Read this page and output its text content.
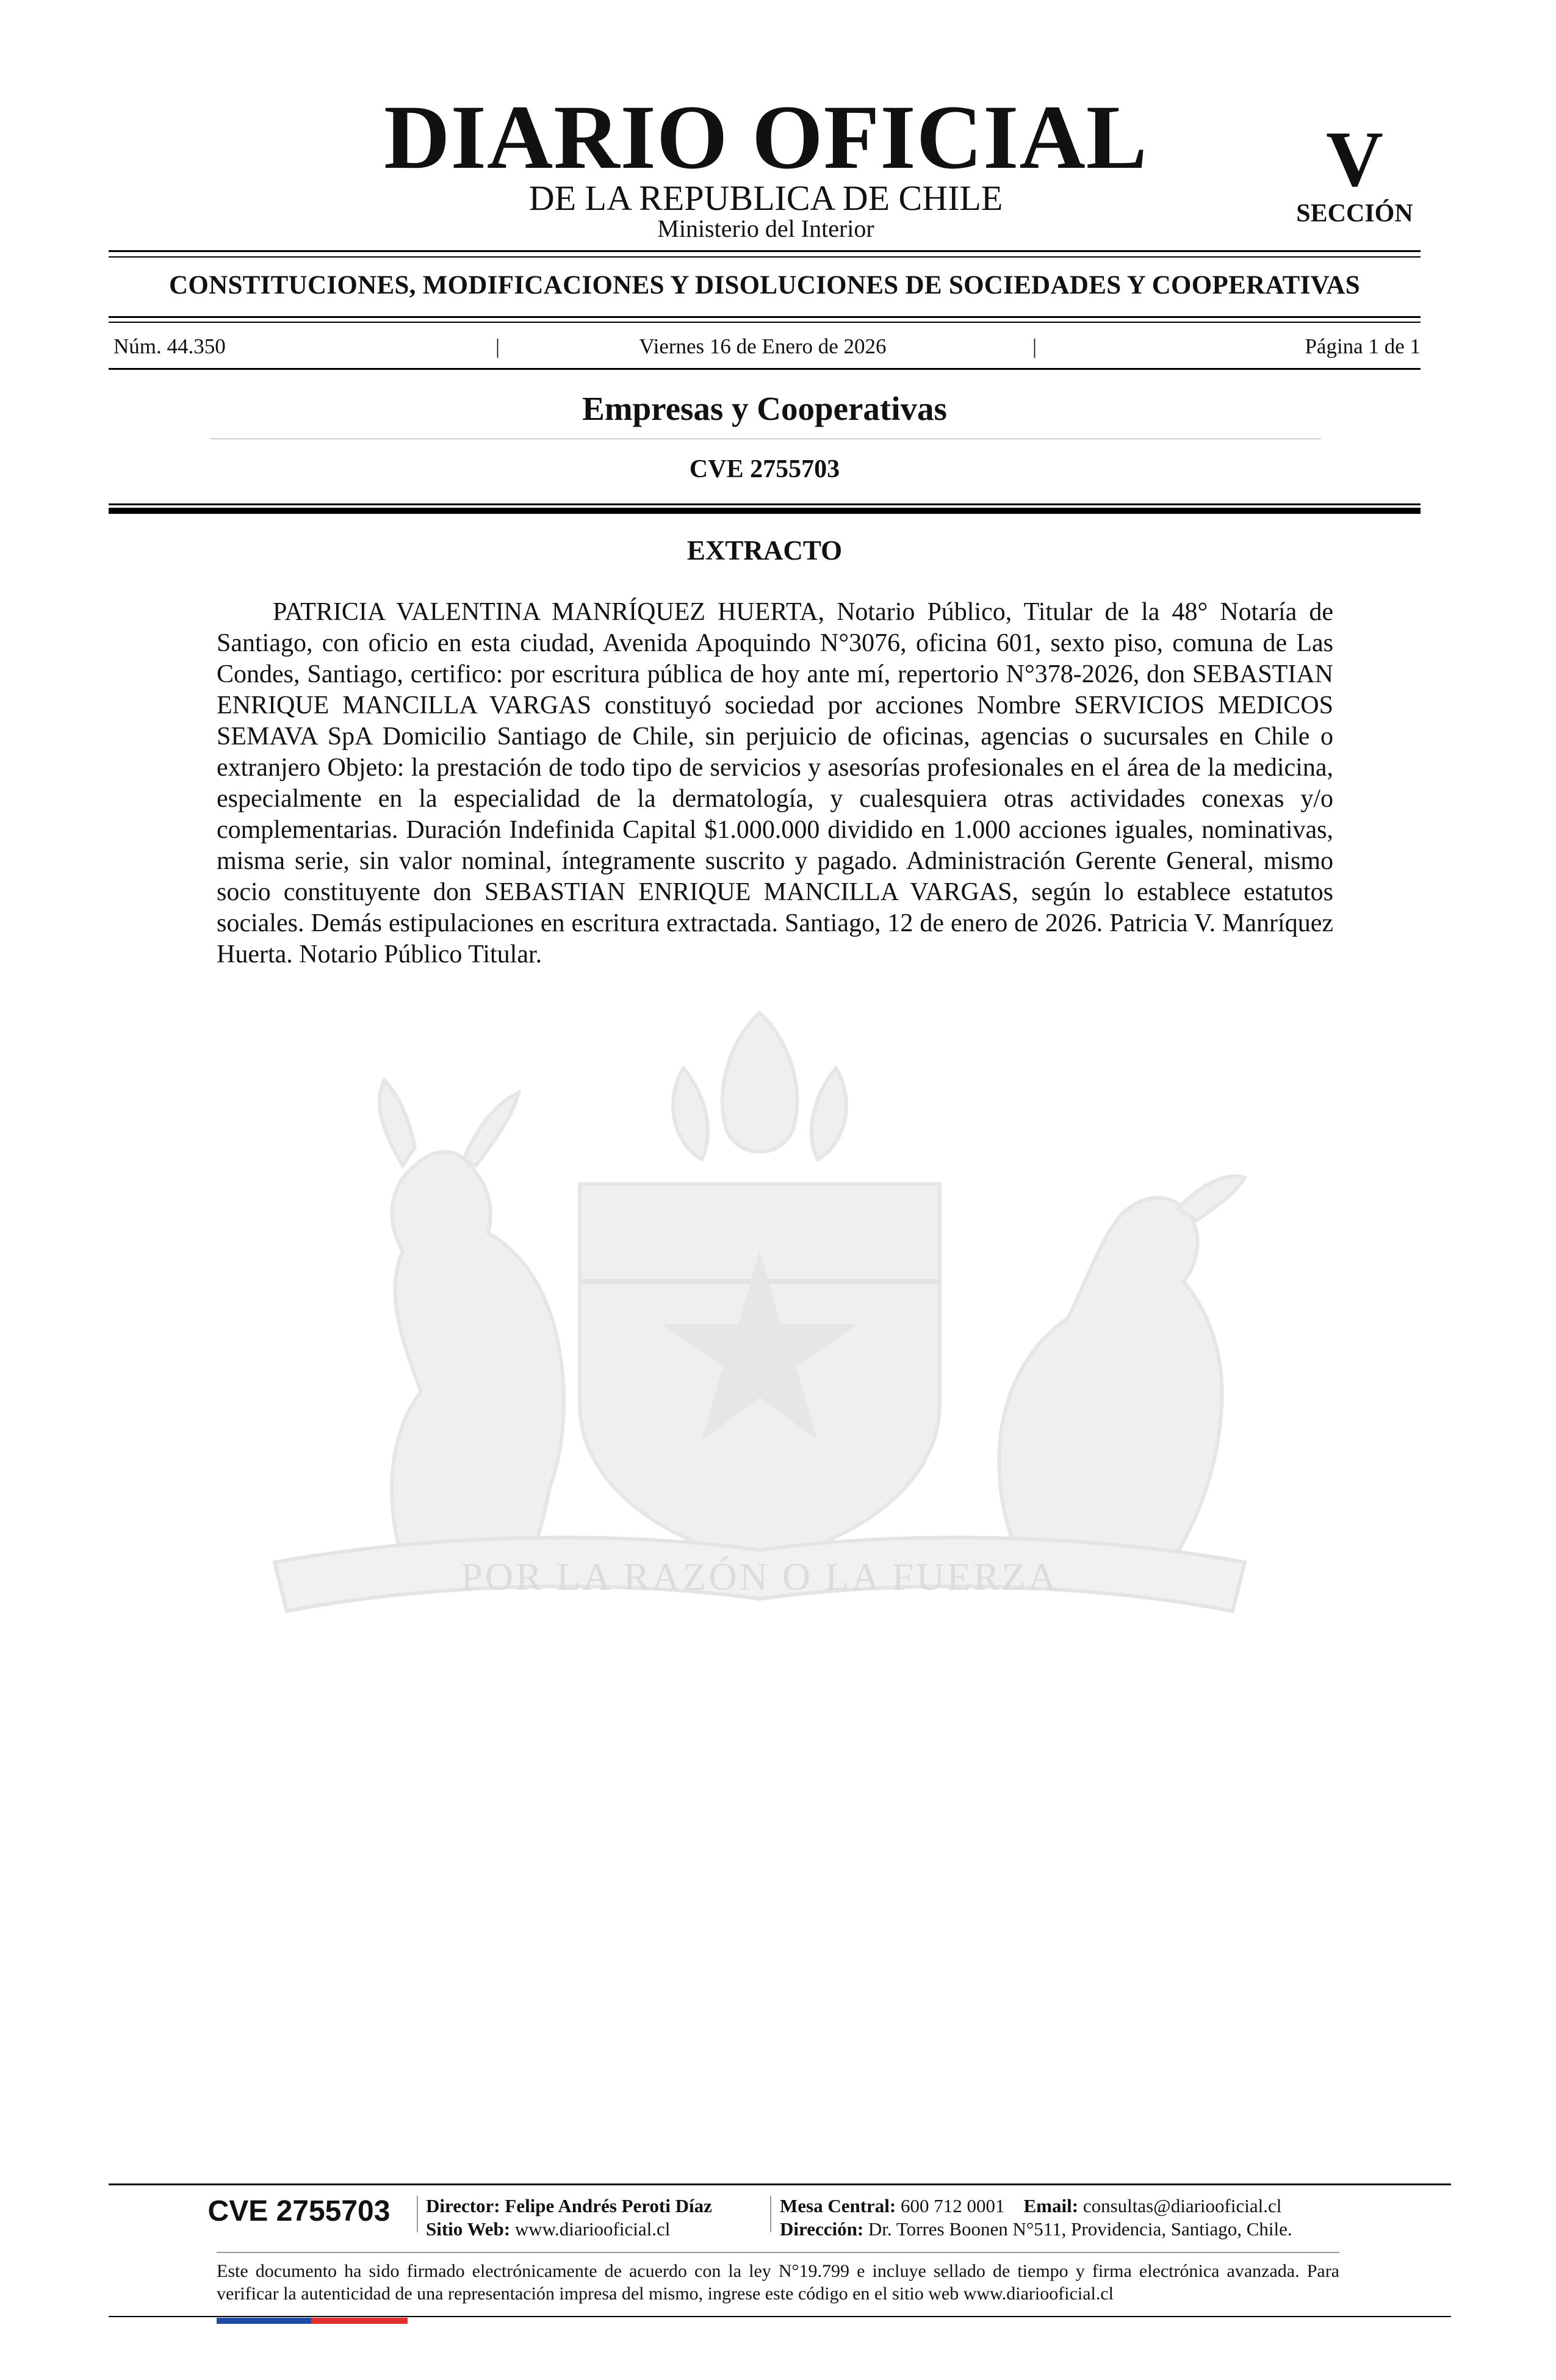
POR LA RAZÓN O LA FUERZA
DIARIO OFICIAL
DE LA REPUBLICA DE CHILE
Ministerio del Interior
V
SECCIÓN
CONSTITUCIONES, MODIFICACIONES Y DISOLUCIONES DE SOCIEDADES Y COOPERATIVAS
Núm. 44.350	|	Viernes 16 de Enero de 2026	|	Página 1 de 1
Empresas y Cooperativas
CVE 2755703
EXTRACTO

PATRICIA VALENTINA MANRÍQUEZ HUERTA, Notario Público, Titular de la 48° Notaría de Santiago, con oficio en esta ciudad, Avenida Apoquindo N°3076, oficina 601, sexto piso, comuna de Las Condes, Santiago, certifico: por escritura pública de hoy ante mí, repertorio N°378-2026, don SEBASTIAN ENRIQUE MANCILLA VARGAS constituyó sociedad por acciones Nombre SERVICIOS MEDICOS SEMAVA SpA Domicilio Santiago de Chile, sin perjuicio de oficinas, agencias o sucursales en Chile o extranjero Objeto: la prestación de todo tipo de servicios y asesorías profesionales en el área de la medicina, especialmente en la especialidad de la dermatología, y cualesquiera otras actividades conexas y/o complementarias. Duración Indefinida Capital $1.000.000 dividido en 1.000 acciones iguales, nominativas, misma serie, sin valor nominal, íntegramente suscrito y pagado. Administración Gerente General, mismo socio constituyente don SEBASTIAN ENRIQUE MANCILLA VARGAS, según lo establece estatutos sociales. Demás estipulaciones en escritura extractada. Santiago, 12 de enero de 2026. Patricia V. Manríquez Huerta. Notario Público Titular.

CVE 2755703	Director: Felipe Andrés Peroti Díaz
Sitio Web: www.diariooficial.cl
Mesa Central: 600 712 0001 Email: consultas@diariooficial.cl
Dirección: Dr. Torres Boonen N°511, Providencia, Santiago, Chile.
Este documento ha sido firmado electrónicamente de acuerdo con la ley N°19.799 e incluye sellado de tiempo y firma electrónica avanzada. Para verificar la autenticidad de una representación impresa del mismo, ingrese este código en el sitio web www.diariooficial.cl
